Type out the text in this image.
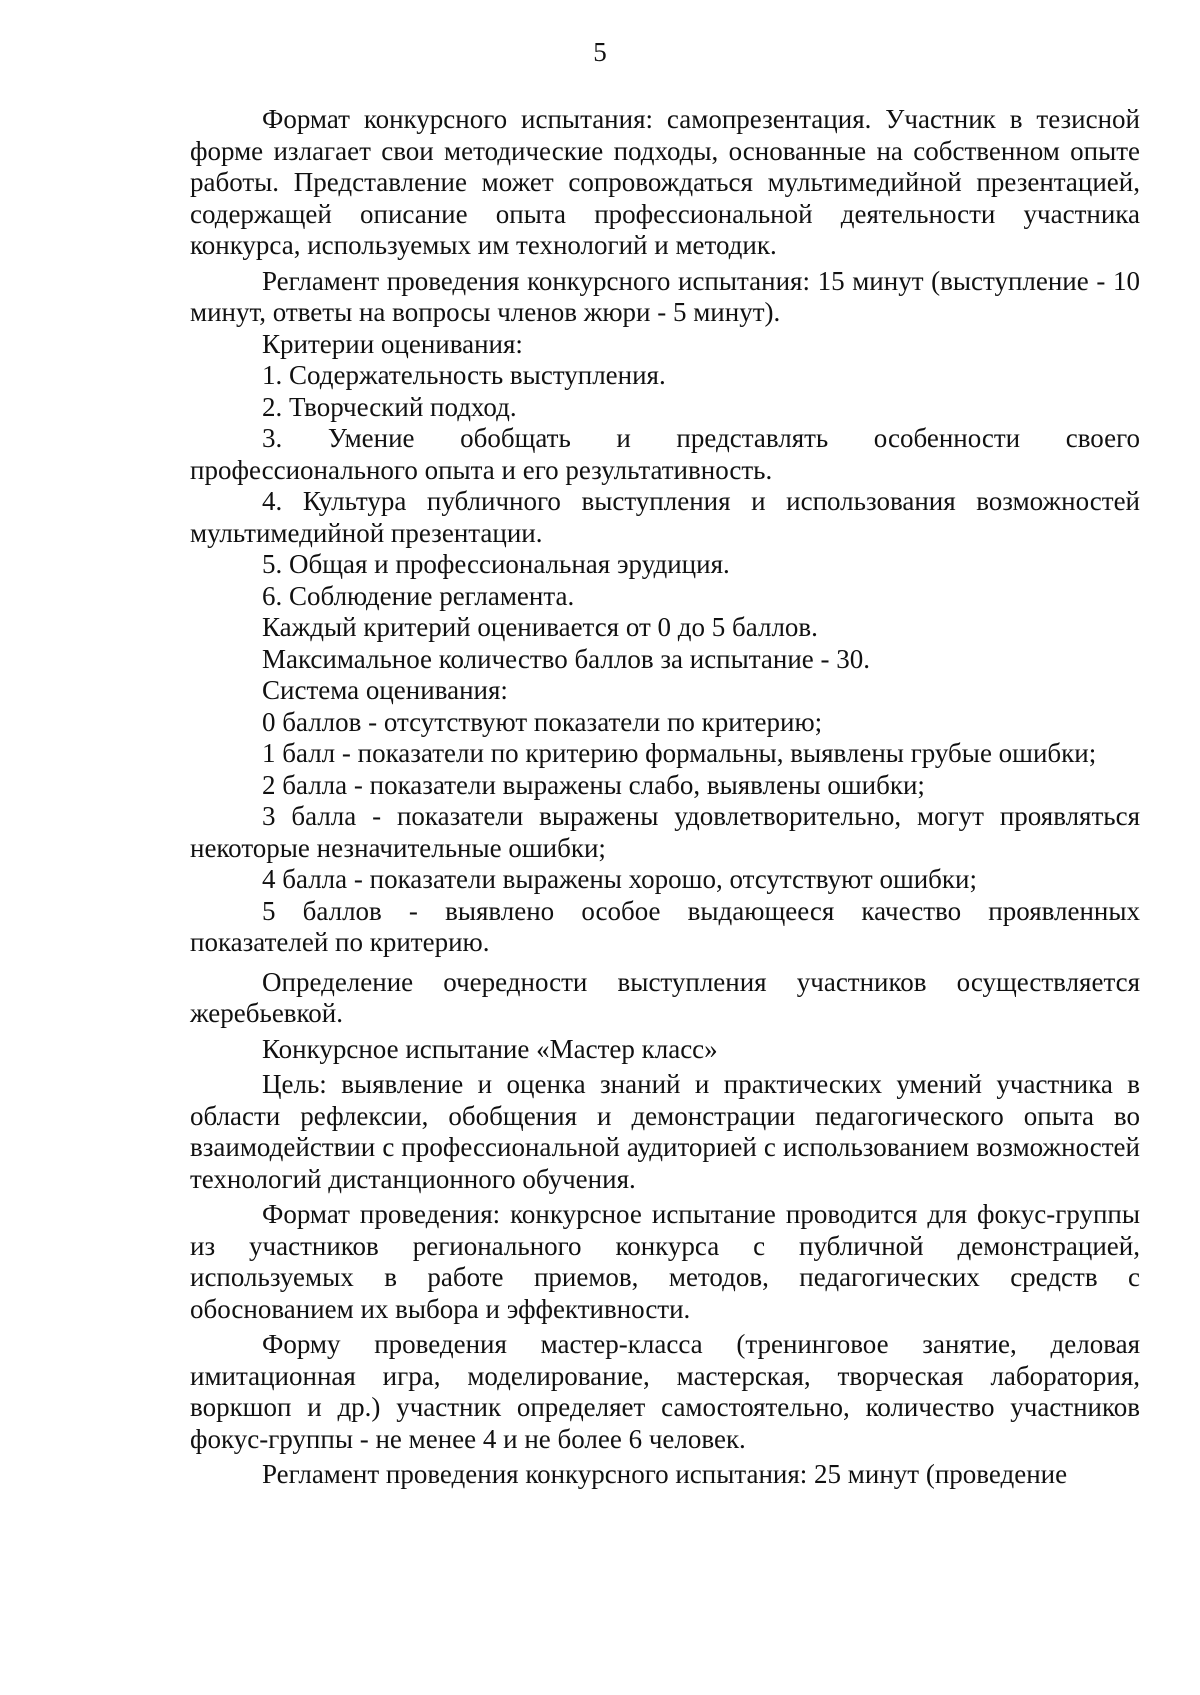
5

Формат конкурсного испытания: самопрезентация. Участник в тезисной форме излагает свои методические подходы, основанные на собственном опыте работы. Представление может сопровождаться мультимедийной презентацией, содержащей описание опыта профессиональной деятельности участника конкурса, используемых им технологий и методик.

Регламент проведения конкурсного испытания: 15 минут (выступление - 10 минут, ответы на вопросы членов жюри - 5 минут).

Критерии оценивания:

1. Содержательность выступления.

2. Творческий подход.

3. Умение обобщать и представлять особенности своего профессионального опыта и его результативность.

4. Культура публичного выступления и использования возможностей мультимедийной презентации.

5. Общая и профессиональная эрудиция.

6. Соблюдение регламента.

Каждый критерий оценивается от 0 до 5 баллов.

Максимальное количество баллов за испытание - 30.

Система оценивания:

0 баллов - отсутствуют показатели по критерию;

1 балл - показатели по критерию формальны, выявлены грубые ошибки;

2 балла - показатели выражены слабо, выявлены ошибки;

3 балла - показатели выражены удовлетворительно, могут проявляться некоторые незначительные ошибки;

4 балла - показатели выражены хорошо, отсутствуют ошибки;

5 баллов - выявлено особое выдающееся качество проявленных показателей по критерию.

Определение очередности выступления участников осуществляется жеребьевкой.

Конкурсное испытание «Мастер класс»

Цель: выявление и оценка знаний и практических умений участника в области рефлексии, обобщения и демонстрации педагогического опыта во взаимодействии с профессиональной аудиторией с использованием возможностей технологий дистанционного обучения.

Формат проведения: конкурсное испытание проводится для фокус-группы из участников регионального конкурса с публичной демонстрацией, используемых в работе приемов, методов, педагогических средств с обоснованием их выбора и эффективности.

Форму проведения мастер-класса (тренинговое занятие, деловая имитационная игра, моделирование, мастерская, творческая лаборатория, воркшоп и др.) участник определяет самостоятельно, количество участников фокус-группы - не менее 4 и не более 6 человек.

Регламент проведения конкурсного испытания: 25 минут (проведение
